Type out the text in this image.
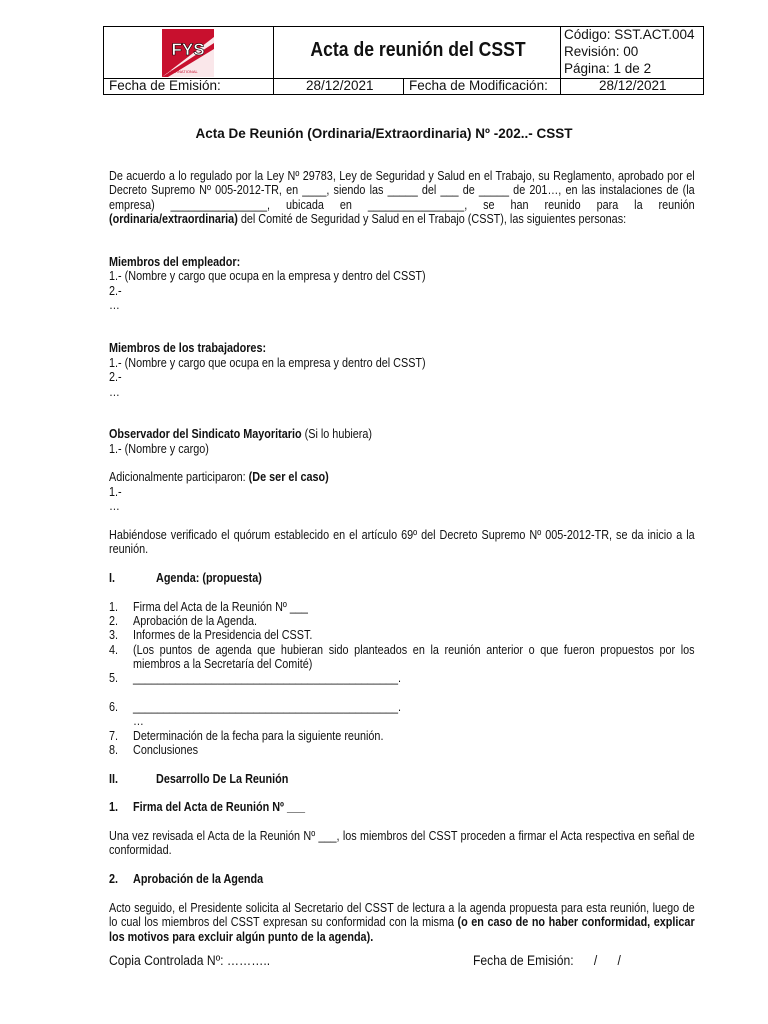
FYS
INTERNATIONAL
Acta de reunión del CSST
Código: SST.ACT.004
Revisión: 00
Página: 1 de 2
Fecha de Emisión:	28/12/2021	Fecha de Modificación:	28/12/2021
Acta De Reunión (Ordinaria/Extraordinaria) Nº -202..- CSST
De acuerdo a lo regulado por la Ley Nº 29783, Ley de Seguridad y Salud en el Trabajo, su Reglamento, aprobado por el Decreto Supremo Nº 005-2012-TR, en ____, siendo las _____ del ___ de _____ de 201…, en las instalaciones de (la empresa) ________________, ubicada en ________________, se han reunido para la reunión (ordinaria/extraordinaria) del Comité de Seguridad y Salud en el Trabajo (CSST), las siguientes personas:
Miembros del empleador:
1.- (Nombre y cargo que ocupa en la empresa y dentro del CSST)
2.-
…
Miembros de los trabajadores:
1.- (Nombre y cargo que ocupa en la empresa y dentro del CSST)
2.-
…
Observador del Sindicato Mayoritario (Si lo hubiera)
1.- (Nombre y cargo)
Adicionalmente participaron: (De ser el caso)
1.-
…
Habiéndose verificado el quórum establecido en el artículo 69º del Decreto Supremo Nº 005-2012-TR, se da inicio a la reunión.
I.	Agenda: (propuesta)
1. Firma del Acta de la Reunión Nº ___
2. Aprobación de la Agenda.
3. Informes de la Presidencia del CSST.
4. (Los puntos de agenda que hubieran sido planteados en la reunión anterior o que fueron propuestos por los miembros a la Secretaría del Comité)
5. ____________________________________________.
6. ____________________________________________.
…
7. Determinación de la fecha para la siguiente reunión.
8. Conclusiones
II.	Desarrollo De La Reunión
1. Firma del Acta de Reunión Nº ___
Una vez revisada el Acta de la Reunión Nº ___, los miembros del CSST proceden a firmar el Acta respectiva en señal de conformidad.
2. Aprobación de la Agenda
Acto seguido, el Presidente solicita al Secretario del CSST de lectura a la agenda propuesta para esta reunión, luego de lo cual los miembros del CSST expresan su conformidad con la misma (o en caso de no haber conformidad, explicar los motivos para excluir algún punto de la agenda).
Copia Controlada Nº: ………..	Fecha de Emisión:      /      /
